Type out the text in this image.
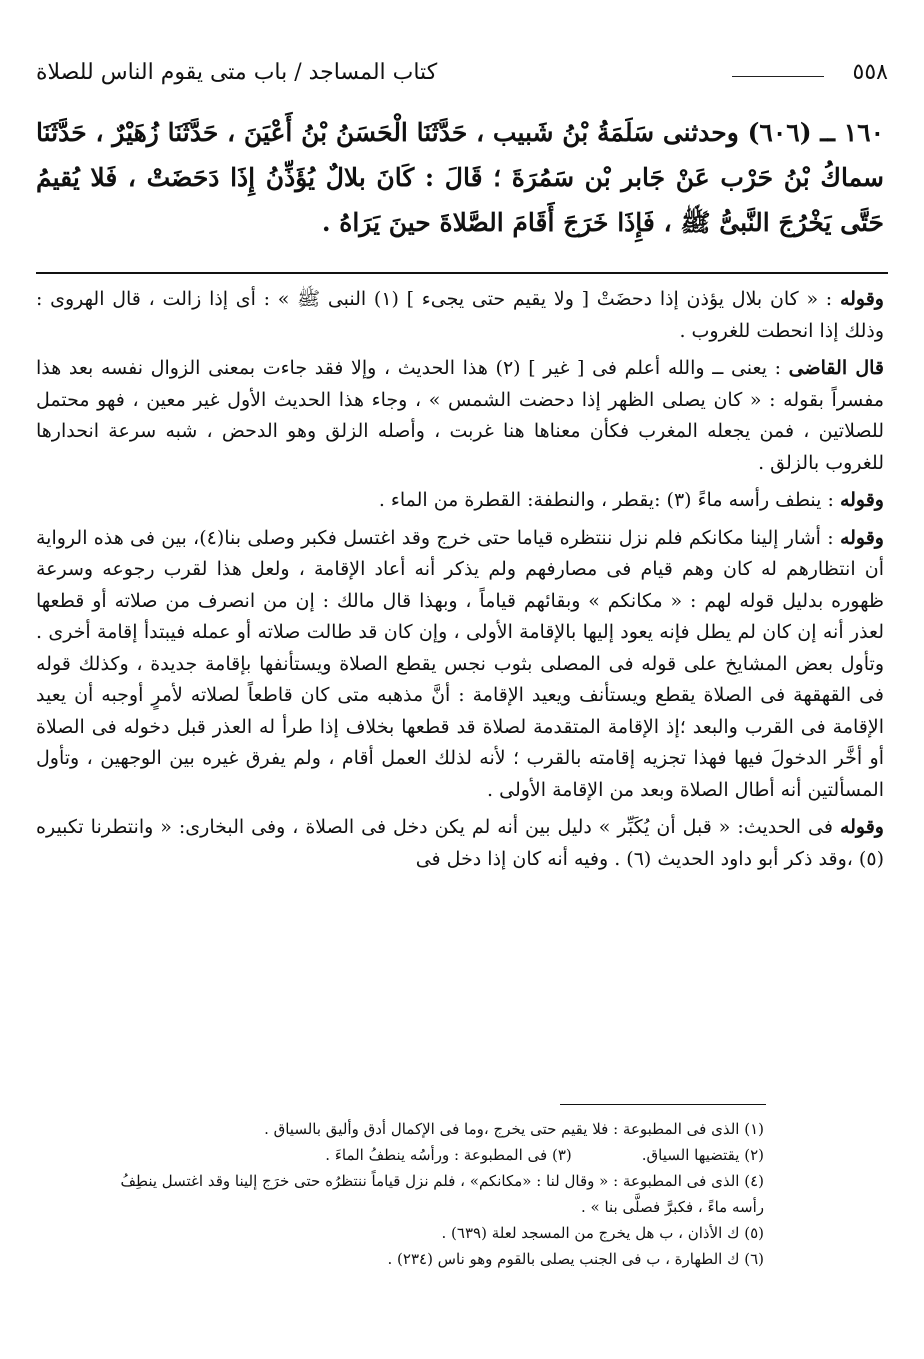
٥٥٨
كتاب المساجد / باب متى يقوم الناس للصلاة
١٦٠ ــ (٦٠٦) وحدثنى سَلَمَةُ بْنُ شَبيب ، حَدَّثَنَا الْحَسَنُ بْنُ أَعْيَنَ ، حَدَّثَنَا زُهَيْرٌ ، حَدَّثَنَا سماكُ بْنُ حَرْب عَنْ جَابر بْن سَمُرَةَ ؛ قَالَ : كَانَ بلالٌ يُؤَذِّنُ إِذَا دَحَضَتْ ، فَلا يُقيمُ حَتَّى يَخْرُجَ النَّبىُّ ﷺ ، فَإِذَا خَرَجَ أَقَامَ الصَّلاةَ حينَ يَرَاهُ .

وقوله : « كان بلال يؤذن إذا دحضَتْ [ ولا يقيم حتى يجىء ] (١) النبى ﷺ » : أى إذا زالت ، قال الهروى : وذلك إذا انحطت للغروب .

قال القاضى : يعنى ــ والله أعلم فى [ غير ] (٢) هذا الحديث ، وإلا فقد جاءت بمعنى الزوال نفسه بعد هذا مفسراً بقوله : « كان يصلى الظهر إذا دحضت الشمس » ، وجاء هذا الحديث الأول غير معين ، فهو محتمل للصلاتين ، فمن يجعله المغرب فكأن معناها هنا غربت ، وأصله الزلق وهو الدحض ، شبه سرعة انحدارها للغروب بالزلق .

وقوله : ينطف رأسه ماءً (٣) :يقطر ، والنطفة: القطرة من الماء .

وقوله : أشار إلينا مكانكم فلم نزل ننتظره قياما حتى خرج وقد اغتسل فكبر وصلى بنا(٤)، بين فى هذه الرواية أن انتظارهم له كان وهم قيام فى مصارفهم ولم يذكر أنه أعاد الإقامة ، ولعل هذا لقرب رجوعه وسرعة ظهوره بدليل قوله لهم : « مكانكم » وبقائهم قياماً ، وبهذا قال مالك : إن من انصرف من صلاته أو قطعها لعذر أنه إن كان لم يطل فإنه يعود إليها بالإقامة الأولى ، وإن كان قد طالت صلاته أو عمله فيبتدأ إقامة أخرى . وتأول بعض المشايخ على قوله فى المصلى بثوب نجس يقطع الصلاة ويستأنفها بإقامة جديدة ، وكذلك قوله فى القهقهة فى الصلاة يقطع ويستأنف ويعيد الإقامة : أنَّ مذهبه متى كان قاطعاً لصلاته لأمرٍ أوجبه أن يعيد الإقامة فى القرب والبعد ؛إذ الإقامة المتقدمة لصلاة قد قطعها بخلاف إذا طرأ له العذر قبل دخوله فى الصلاة أو أخَّر الدخولَ فيها فهذا تجزيه إقامته بالقرب ؛ لأنه لذلك العمل أقام ، ولم يفرق غيره بين الوجهين ، وتأول المسألتين أنه أطال الصلاة وبعد من الإقامة الأولى .

وقوله فى الحديث: « قبل أن يُكَبِّر » دليل بين أنه لم يكن دخل فى الصلاة ، وفى البخارى: « وانتطرنا تكبيره (٥) ،وقد ذكر أبو داود الحديث (٦) . وفيه أنه كان إذا دخل فى

(١) الذى فى المطبوعة : فلا يقيم حتى يخرج ،وما فى الإكمال أدق وأليق بالسياق .

(٢) يقتضيها السياق.(٣) فى المطبوعة : ورأسُه ينطفُ الماءَ .

(٤) الذى فى المطبوعة : « وقال لنا : «مكانكم» ، فلم نزل قياماً ننتظرُه حتى خرَج إلينا وقد اغتسل ينطِفُ رأسه ماءً ، فكبرَّ فصلَّى بنا » .

(٥) ك الأذان ، ب هل يخرج من المسجد لعلة (٦٣٩) .

(٦) ك الطهارة ، ب فى الجنب يصلى بالقوم وهو ناس (٢٣٤) .
